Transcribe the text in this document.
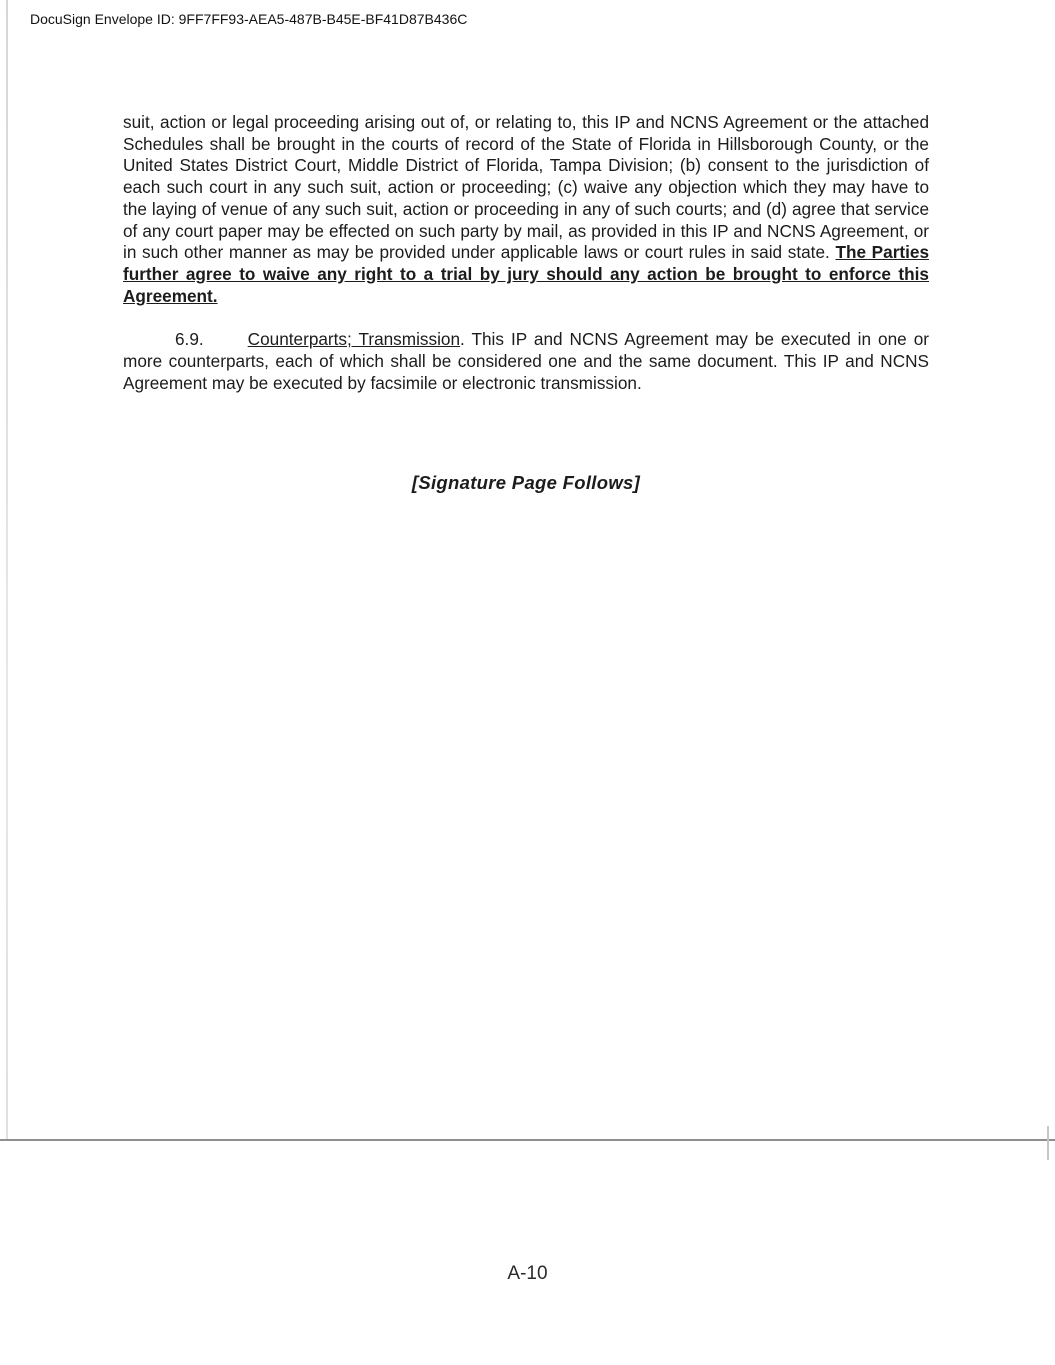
DocuSign Envelope ID: 9FF7FF93-AEA5-487B-B45E-BF41D87B436C

suit, action or legal proceeding arising out of, or relating to, this IP and NCNS Agreement or the attached Schedules shall be brought in the courts of record of the State of Florida in Hillsborough County, or the United States District Court, Middle District of Florida, Tampa Division; (b) consent to the jurisdiction of each such court in any such suit, action or proceeding; (c) waive any objection which they may have to the laying of venue of any such suit, action or proceeding in any of such courts; and (d) agree that service of any court paper may be effected on such party by mail, as provided in this IP and NCNS Agreement, or in such other manner as may be provided under applicable laws or court rules in said state. The Parties further agree to waive any right to a trial by jury should any action be brought to enforce this Agreement.

6.9.	Counterparts; Transmission. This IP and NCNS Agreement may be executed in one or more counterparts, each of which shall be considered one and the same document. This IP and NCNS Agreement may be executed by facsimile or electronic transmission.

[Signature Page Follows]

A-10
